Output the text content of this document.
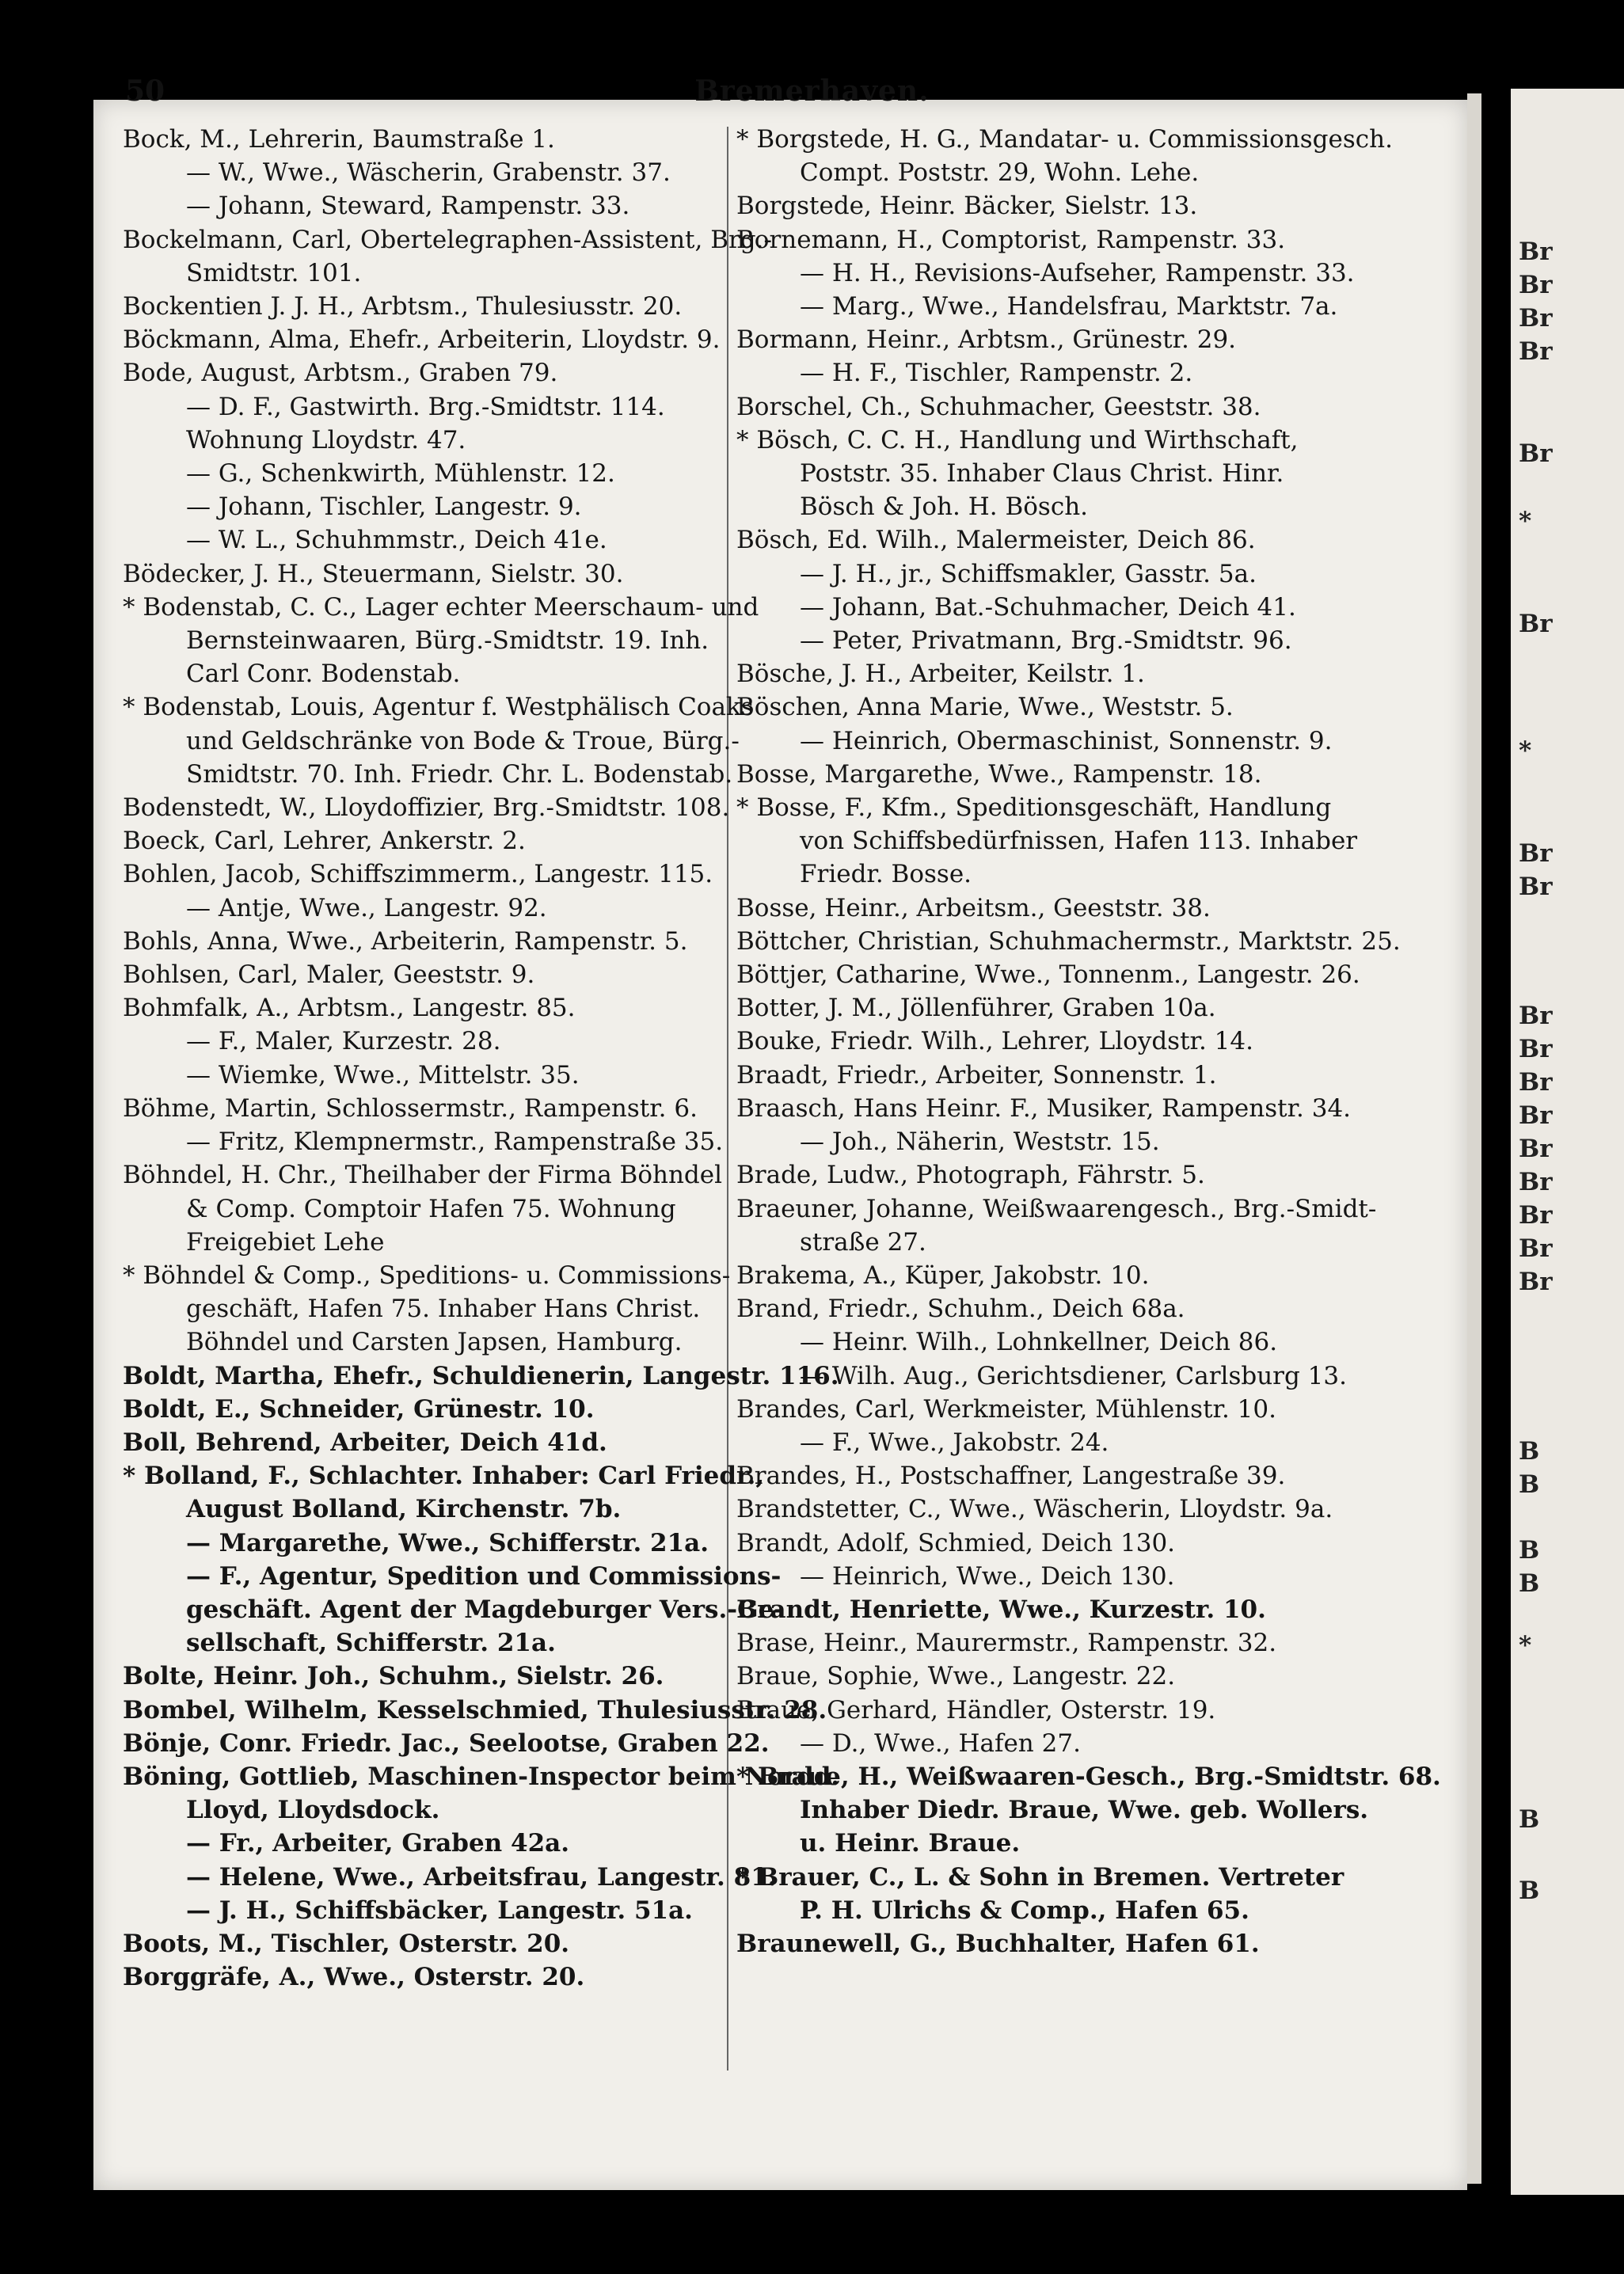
Br
Br
Br
Br
Br
*
Br
*
Br
Br
Br
Br
Br
Br
Br
Br
Br
Br
Br
B
B
B
B
*
B
B
50	Bremerhaven.
Bock, M., Lehrerin, Baumstraße 1.
— W., Wwe., Wäscherin, Grabenstr. 37.
— Johann, Steward, Rampenstr. 33.
Bockelmann, Carl, Obertelegraphen-Assistent, Brg.-
Smidtstr. 101.
Bockentien J. J. H., Arbtsm., Thulesiusstr. 20.
Böckmann, Alma, Ehefr., Arbeiterin, Lloydstr. 9.
Bode, August, Arbtsm., Graben 79.
— D. F., Gastwirth. Brg.-Smidtstr. 114.
Wohnung Lloydstr. 47.
— G., Schenkwirth, Mühlenstr. 12.
— Johann, Tischler, Langestr. 9.
— W. L., Schuhmmstr., Deich 41e.
Bödecker, J. H., Steuermann, Sielstr. 30.
* Bodenstab, C. C., Lager echter Meerschaum- und
Bernsteinwaaren, Bürg.-Smidtstr. 19. Inh.
Carl Conr. Bodenstab.
* Bodenstab, Louis, Agentur f. Westphälisch Coaks
und Geldschränke von Bode & Troue, Bürg.-
Smidtstr. 70. Inh. Friedr. Chr. L. Bodenstab.
Bodenstedt, W., Lloydoffizier, Brg.-Smidtstr. 108.
Boeck, Carl, Lehrer, Ankerstr. 2.
Bohlen, Jacob, Schiffszimmerm., Langestr. 115.
— Antje, Wwe., Langestr. 92.
Bohls, Anna, Wwe., Arbeiterin, Rampenstr. 5.
Bohlsen, Carl, Maler, Geeststr. 9.
Bohmfalk, A., Arbtsm., Langestr. 85.
— F., Maler, Kurzestr. 28.
— Wiemke, Wwe., Mittelstr. 35.
Böhme, Martin, Schlossermstr., Rampenstr. 6.
— Fritz, Klempnermstr., Rampenstraße 35.
Böhndel, H. Chr., Theilhaber der Firma Böhndel
& Comp. Comptoir Hafen 75. Wohnung
Freigebiet Lehe
* Böhndel & Comp., Speditions- u. Commissions-
geschäft, Hafen 75. Inhaber Hans Christ.
Böhndel und Carsten Japsen, Hamburg.
Boldt, Martha, Ehefr., Schuldienerin, Langestr. 116.
Boldt, E., Schneider, Grünestr. 10.
Boll, Behrend, Arbeiter, Deich 41d.
* Bolland, F., Schlachter. Inhaber: Carl Friedr.,
August Bolland, Kirchenstr. 7b.
— Margarethe, Wwe., Schifferstr. 21a.
— F., Agentur, Spedition und Commissions-
geschäft. Agent der Magdeburger Vers.-Ge-
sellschaft, Schifferstr. 21a.
Bolte, Heinr. Joh., Schuhm., Sielstr. 26.
Bombel, Wilhelm, Kesselschmied, Thulesiusstr. 28.
Bönje, Conr. Friedr. Jac., Seelootse, Graben 22.
Böning, Gottlieb, Maschinen-Inspector beim Nordd.
Lloyd, Lloydsdock.
— Fr., Arbeiter, Graben 42a.
— Helene, Wwe., Arbeitsfrau, Langestr. 81.
— J. H., Schiffsbäcker, Langestr. 51a.
Boots, M., Tischler, Osterstr. 20.
Borggräfe, A., Wwe., Osterstr. 20.
* Borgstede, H. G., Mandatar- u. Commissionsgesch.
Compt. Poststr. 29, Wohn. Lehe.
Borgstede, Heinr. Bäcker, Sielstr. 13.
Bornemann, H., Comptorist, Rampenstr. 33.
— H. H., Revisions-Aufseher, Rampenstr. 33.
— Marg., Wwe., Handelsfrau, Marktstr. 7a.
Bormann, Heinr., Arbtsm., Grünestr. 29.
— H. F., Tischler, Rampenstr. 2.
Borschel, Ch., Schuhmacher, Geeststr. 38.
* Bösch, C. C. H., Handlung und Wirthschaft,
Poststr. 35. Inhaber Claus Christ. Hinr.
Bösch & Joh. H. Bösch.
Bösch, Ed. Wilh., Malermeister, Deich 86.
— J. H., jr., Schiffsmakler, Gasstr. 5a.
— Johann, Bat.-Schuhmacher, Deich 41.
— Peter, Privatmann, Brg.-Smidtstr. 96.
Bösche, J. H., Arbeiter, Keilstr. 1.
Böschen, Anna Marie, Wwe., Weststr. 5.
— Heinrich, Obermaschinist, Sonnenstr. 9.
Bosse, Margarethe, Wwe., Rampenstr. 18.
* Bosse, F., Kfm., Speditionsgeschäft, Handlung
von Schiffsbedürfnissen, Hafen 113. Inhaber
Friedr. Bosse.
Bosse, Heinr., Arbeitsm., Geeststr. 38.
Böttcher, Christian, Schuhmachermstr., Marktstr. 25.
Böttjer, Catharine, Wwe., Tonnenm., Langestr. 26.
Botter, J. M., Jöllenführer, Graben 10a.
Bouke, Friedr. Wilh., Lehrer, Lloydstr. 14.
Braadt, Friedr., Arbeiter, Sonnenstr. 1.
Braasch, Hans Heinr. F., Musiker, Rampenstr. 34.
— Joh., Näherin, Weststr. 15.
Brade, Ludw., Photograph, Fährstr. 5.
Braeuner, Johanne, Weißwaarengesch., Brg.-Smidt-
straße 27.
Brakema, A., Küper, Jakobstr. 10.
Brand, Friedr., Schuhm., Deich 68a.
— Heinr. Wilh., Lohnkellner, Deich 86.
— Wilh. Aug., Gerichtsdiener, Carlsburg 13.
Brandes, Carl, Werkmeister, Mühlenstr. 10.
— F., Wwe., Jakobstr. 24.
Brandes, H., Postschaffner, Langestraße 39.
Brandstetter, C., Wwe., Wäscherin, Lloydstr. 9a.
Brandt, Adolf, Schmied, Deich 130.
— Heinrich, Wwe., Deich 130.
Brandt, Henriette, Wwe., Kurzestr. 10.
Brase, Heinr., Maurermstr., Rampenstr. 32.
Braue, Sophie, Wwe., Langestr. 22.
Braue, Gerhard, Händler, Osterstr. 19.
— D., Wwe., Hafen 27.
* Braue, H., Weißwaaren-Gesch., Brg.-Smidtstr. 68.
Inhaber Diedr. Braue, Wwe. geb. Wollers.
u. Heinr. Braue.
* Brauer, C., L. & Sohn in Bremen. Vertreter
P. H. Ulrichs & Comp., Hafen 65.
Braunewell, G., Buchhalter, Hafen 61.
